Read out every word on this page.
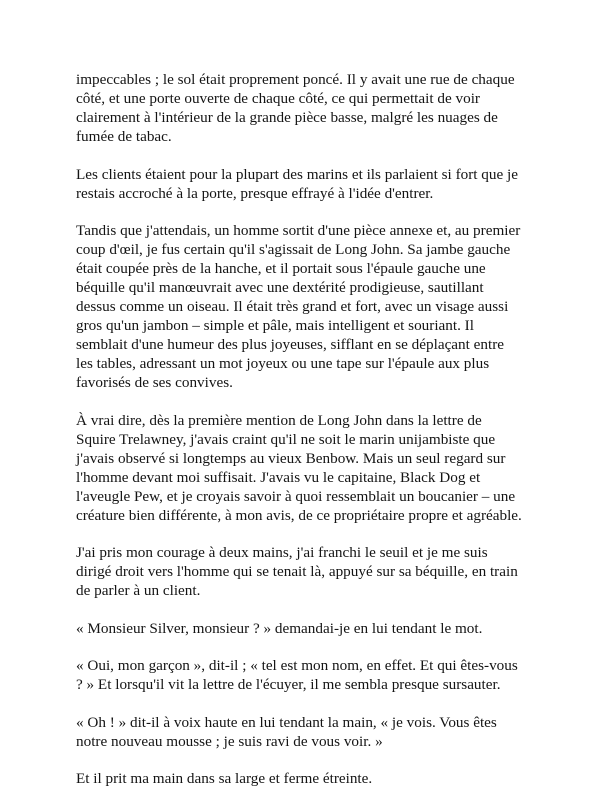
impeccables ; le sol était proprement poncé. Il y avait une rue de chaque côté, et une porte ouverte de chaque côté, ce qui permettait de voir clairement à l'intérieur de la grande pièce basse, malgré les nuages de fumée de tabac.

Les clients étaient pour la plupart des marins et ils parlaient si fort que je restais accroché à la porte, presque effrayé à l'idée d'entrer.

Tandis que j'attendais, un homme sortit d'une pièce annexe et, au premier coup d'œil, je fus certain qu'il s'agissait de Long John. Sa jambe gauche était coupée près de la hanche, et il portait sous l'épaule gauche une béquille qu'il manœuvrait avec une dextérité prodigieuse, sautillant dessus comme un oiseau. Il était très grand et fort, avec un visage aussi gros qu'un jambon – simple et pâle, mais intelligent et souriant. Il semblait d'une humeur des plus joyeuses, sifflant en se déplaçant entre les tables, adressant un mot joyeux ou une tape sur l'épaule aux plus favorisés de ses convives.

À vrai dire, dès la première mention de Long John dans la lettre de Squire Trelawney, j'avais craint qu'il ne soit le marin unijambiste que j'avais observé si longtemps au vieux Benbow. Mais un seul regard sur l'homme devant moi suffisait. J'avais vu le capitaine, Black Dog et l'aveugle Pew, et je croyais savoir à quoi ressemblait un boucanier – une créature bien différente, à mon avis, de ce propriétaire propre et agréable.

J'ai pris mon courage à deux mains, j'ai franchi le seuil et je me suis dirigé droit vers l'homme qui se tenait là, appuyé sur sa béquille, en train de parler à un client.

« Monsieur Silver, monsieur ? » demandai-je en lui tendant le mot.

« Oui, mon garçon », dit-il ; « tel est mon nom, en effet. Et qui êtes-vous ? » Et lorsqu'il vit la lettre de l'écuyer, il me sembla presque sursauter.

« Oh ! » dit-il à voix haute en lui tendant la main, « je vois. Vous êtes notre nouveau mousse ; je suis ravi de vous voir. »

Et il prit ma main dans sa large et ferme étreinte.
